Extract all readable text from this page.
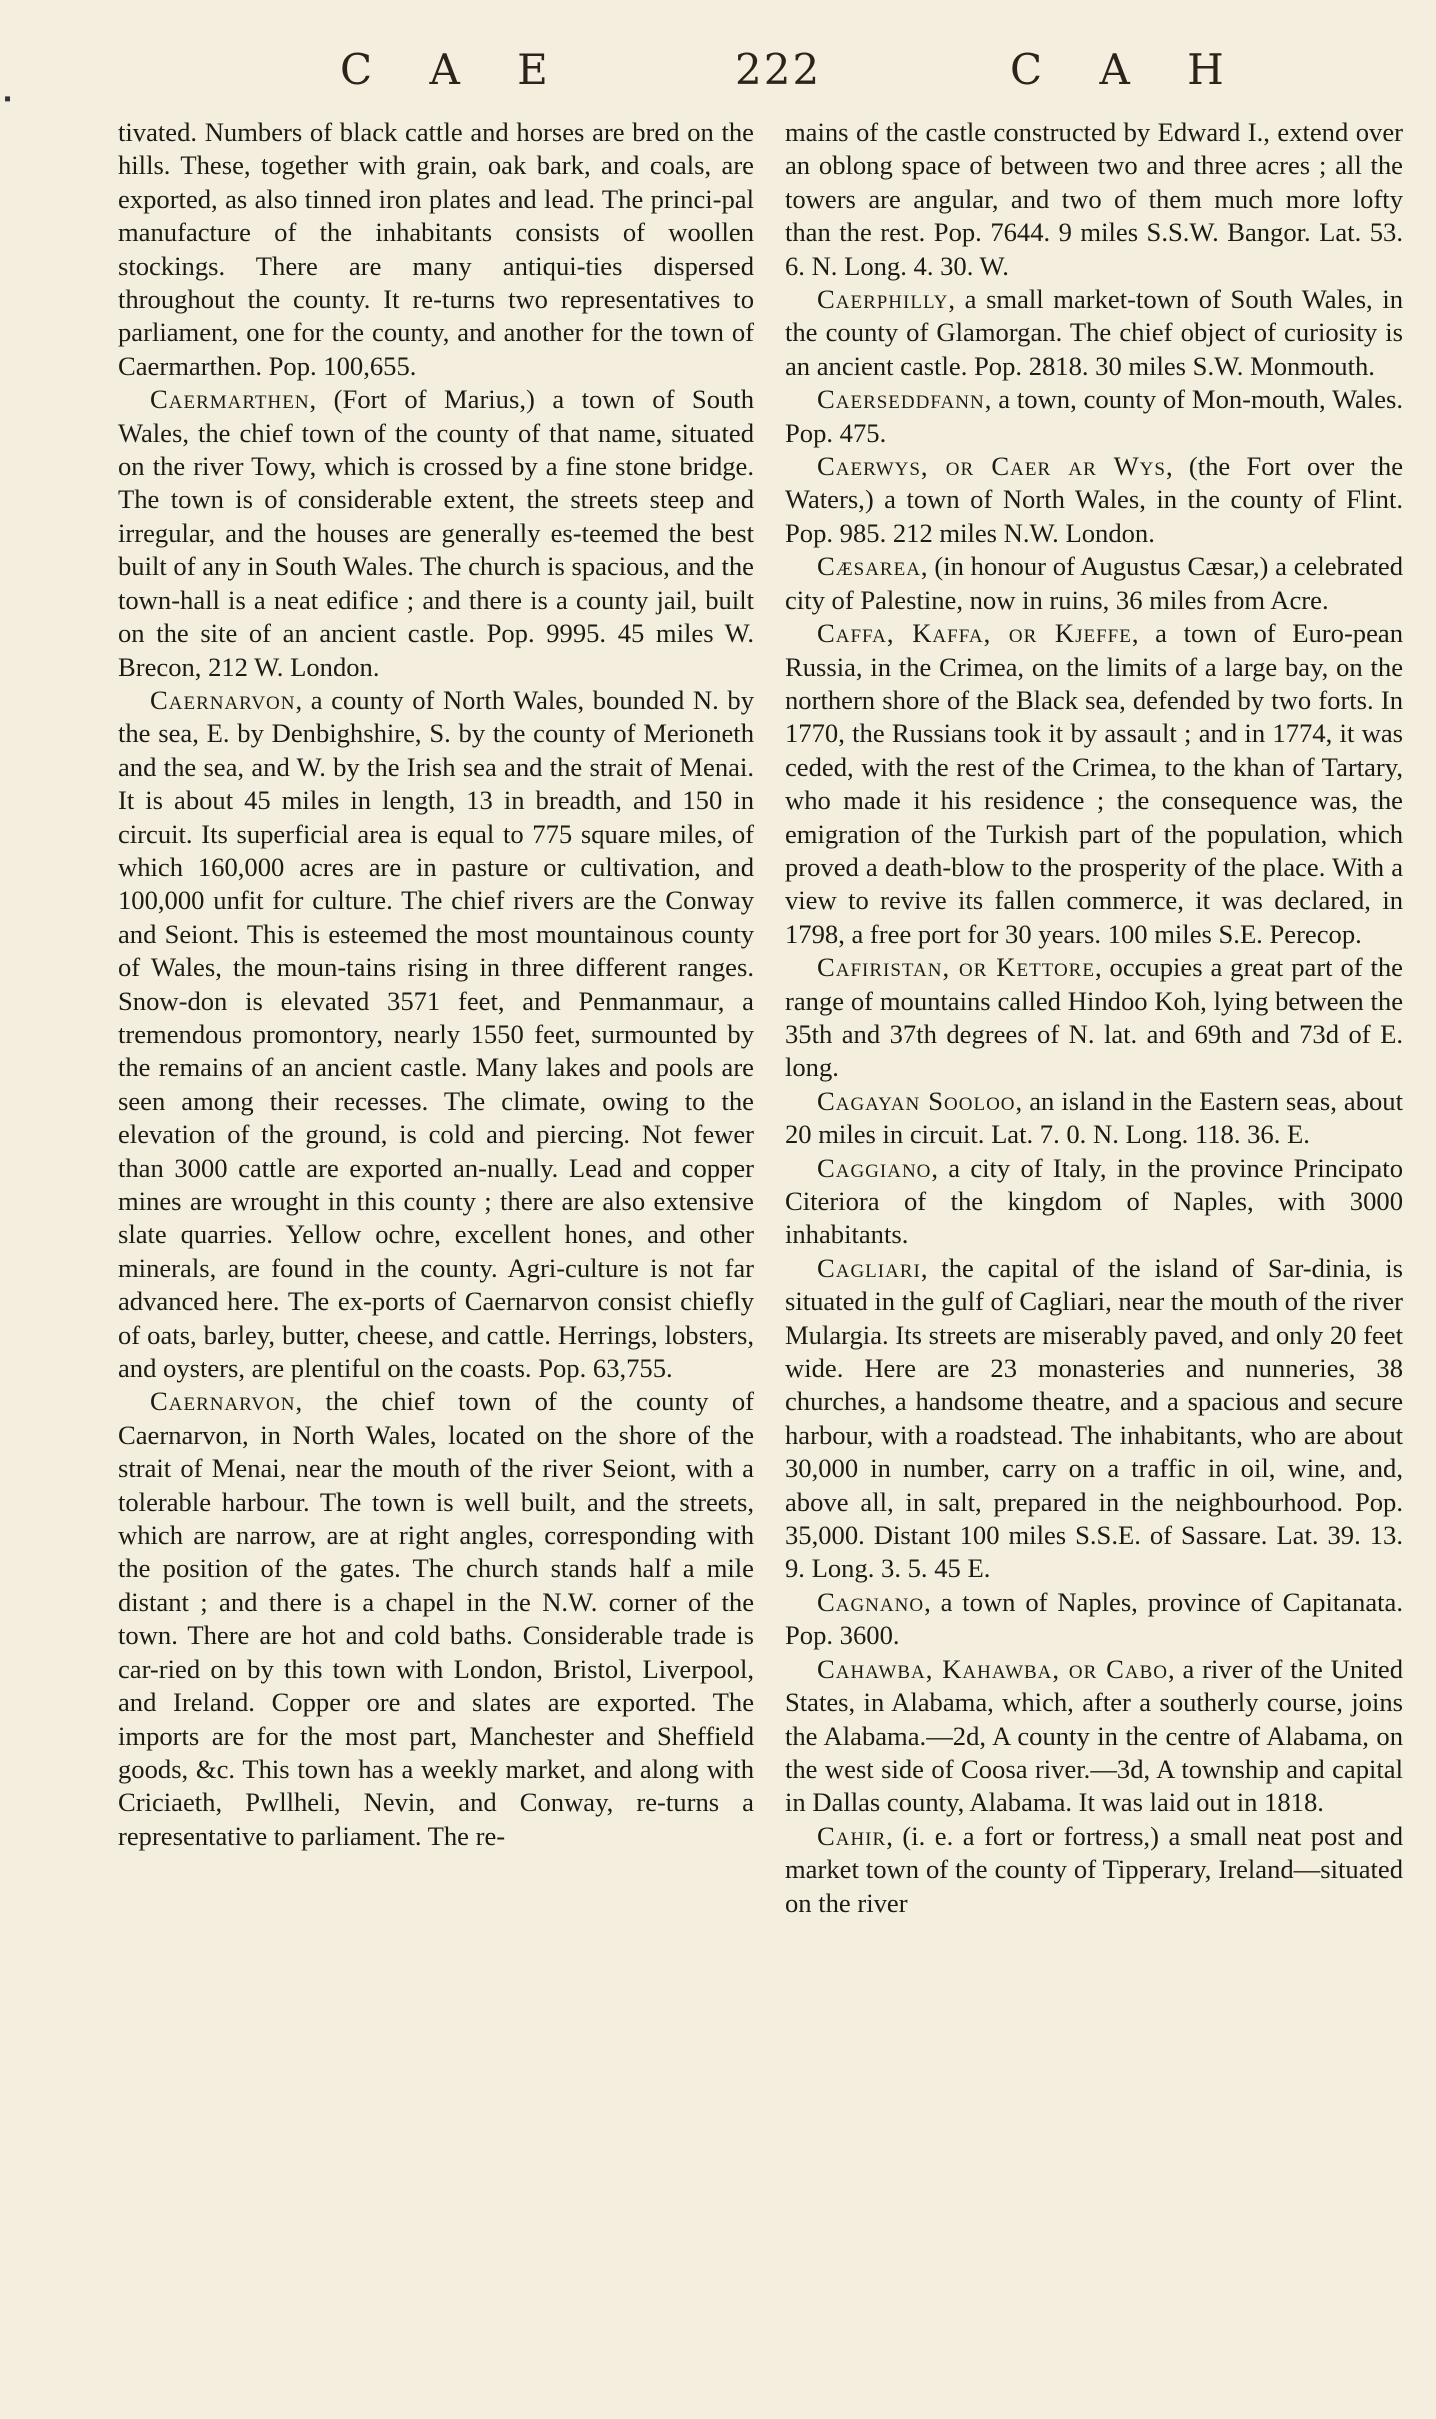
▪
C A E	222	C A H

tivated. Numbers of black cattle and horses are bred on the hills. These, together with grain, oak bark, and coals, are exported, as also tinned iron plates and lead. The princi-pal manufacture of the inhabitants consists of woollen stockings. There are many antiqui-ties dispersed throughout the county. It re-turns two representatives to parliament, one for the county, and another for the town of Caermarthen. Pop. 100,655.

Caermarthen, (Fort of Marius,) a town of South Wales, the chief town of the county of that name, situated on the river Towy, which is crossed by a fine stone bridge. The town is of considerable extent, the streets steep and irregular, and the houses are generally es-teemed the best built of any in South Wales. The church is spacious, and the town-hall is a neat edifice ; and there is a county jail, built on the site of an ancient castle. Pop. 9995. 45 miles W. Brecon, 212 W. London.

Caernarvon, a county of North Wales, bounded N. by the sea, E. by Denbighshire, S. by the county of Merioneth and the sea, and W. by the Irish sea and the strait of Menai. It is about 45 miles in length, 13 in breadth, and 150 in circuit. Its superficial area is equal to 775 square miles, of which 160,000 acres are in pasture or cultivation, and 100,000 unfit for culture. The chief rivers are the Conway and Seiont. This is esteemed the most mountainous county of Wales, the moun-tains rising in three different ranges. Snow-don is elevated 3571 feet, and Penmanmaur, a tremendous promontory, nearly 1550 feet, surmounted by the remains of an ancient castle. Many lakes and pools are seen among their recesses. The climate, owing to the elevation of the ground, is cold and piercing. Not fewer than 3000 cattle are exported an-nually. Lead and copper mines are wrought in this county ; there are also extensive slate quarries. Yellow ochre, excellent hones, and other minerals, are found in the county. Agri-culture is not far advanced here. The ex-ports of Caernarvon consist chiefly of oats, barley, butter, cheese, and cattle. Herrings, lobsters, and oysters, are plentiful on the coasts. Pop. 63,755.

Caernarvon, the chief town of the county of Caernarvon, in North Wales, located on the shore of the strait of Menai, near the mouth of the river Seiont, with a tolerable harbour. The town is well built, and the streets, which are narrow, are at right angles, corresponding with the position of the gates. The church stands half a mile distant ; and there is a chapel in the N.W. corner of the town. There are hot and cold baths. Considerable trade is car-ried on by this town with London, Bristol, Liverpool, and Ireland. Copper ore and slates are exported. The imports are for the most part, Manchester and Sheffield goods, &c. This town has a weekly market, and along with Criciaeth, Pwllheli, Nevin, and Conway, re-turns a representative to parliament. The re-

mains of the castle constructed by Edward I., extend over an oblong space of between two and three acres ; all the towers are angular, and two of them much more lofty than the rest. Pop. 7644. 9 miles S.S.W. Bangor. Lat. 53. 6. N. Long. 4. 30. W.

Caerphilly, a small market-town of South Wales, in the county of Glamorgan. The chief object of curiosity is an ancient castle. Pop. 2818. 30 miles S.W. Monmouth.

Caerseddfann, a town, county of Mon-mouth, Wales. Pop. 475.

Caerwys, or Caer ar Wys, (the Fort over the Waters,) a town of North Wales, in the county of Flint. Pop. 985. 212 miles N.W. London.

Cæsarea, (in honour of Augustus Cæsar,) a celebrated city of Palestine, now in ruins, 36 miles from Acre.

Caffa, Kaffa, or Kjeffe, a town of Euro-pean Russia, in the Crimea, on the limits of a large bay, on the northern shore of the Black sea, defended by two forts. In 1770, the Russians took it by assault ; and in 1774, it was ceded, with the rest of the Crimea, to the khan of Tartary, who made it his residence ; the consequence was, the emigration of the Turkish part of the population, which proved a death-blow to the prosperity of the place. With a view to revive its fallen commerce, it was declared, in 1798, a free port for 30 years. 100 miles S.E. Perecop.

Cafiristan, or Kettore, occupies a great part of the range of mountains called Hindoo Koh, lying between the 35th and 37th degrees of N. lat. and 69th and 73d of E. long.

Cagayan Sooloo, an island in the Eastern seas, about 20 miles in circuit. Lat. 7. 0. N. Long. 118. 36. E.

Caggiano, a city of Italy, in the province Principato Citeriora of the kingdom of Naples, with 3000 inhabitants.

Cagliari, the capital of the island of Sar-dinia, is situated in the gulf of Cagliari, near the mouth of the river Mulargia. Its streets are miserably paved, and only 20 feet wide. Here are 23 monasteries and nunneries, 38 churches, a handsome theatre, and a spacious and secure harbour, with a roadstead. The inhabitants, who are about 30,000 in number, carry on a traffic in oil, wine, and, above all, in salt, prepared in the neighbourhood. Pop. 35,000. Distant 100 miles S.S.E. of Sassare. Lat. 39. 13. 9. Long. 3. 5. 45 E.

Cagnano, a town of Naples, province of Capitanata. Pop. 3600.

Cahawba, Kahawba, or Cabo, a river of the United States, in Alabama, which, after a southerly course, joins the Alabama.—2d, A county in the centre of Alabama, on the west side of Coosa river.—3d, A township and capital in Dallas county, Alabama. It was laid out in 1818.

Cahir, (i. e. a fort or fortress,) a small neat post and market town of the county of Tipperary, Ireland—situated on the river
